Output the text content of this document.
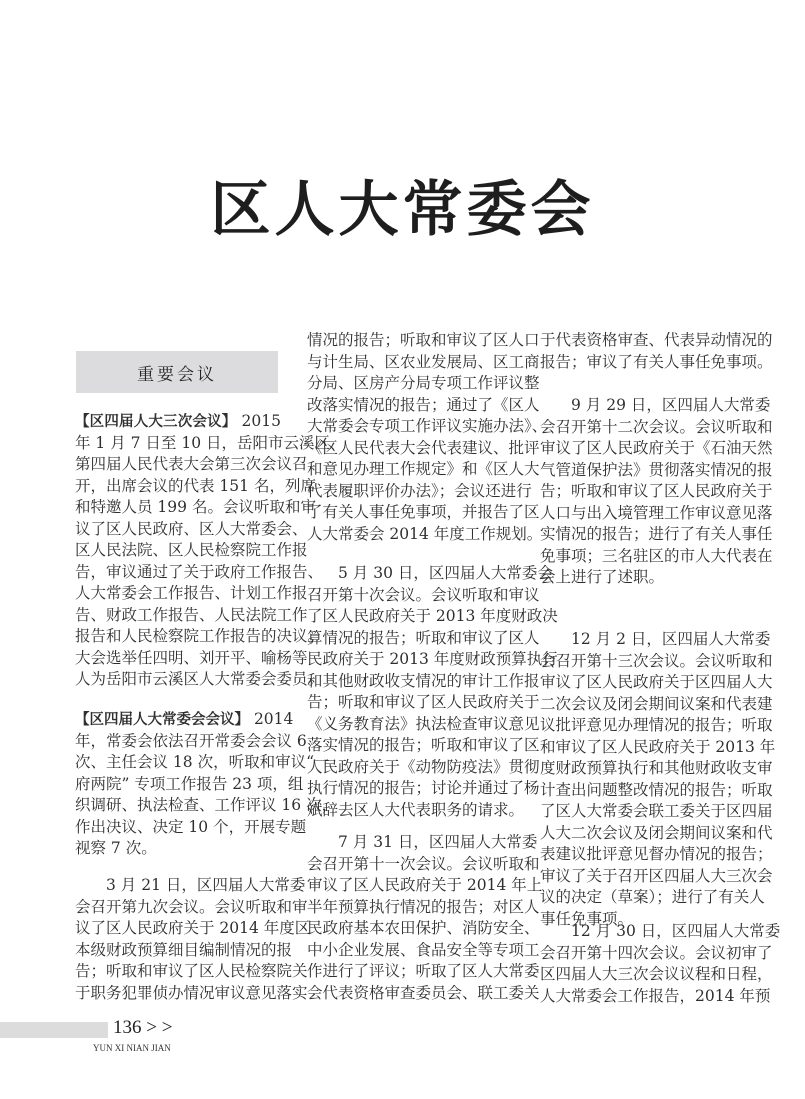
区人大常委会
重要会议
【区四届人大三次会议】 2015
年 1 月 7 日至 10 日，岳阳市云溪区
第四届人民代表大会第三次会议召
开，出席会议的代表 151 名，列席
和特邀人员 199 名。会议听取和审
议了区人民政府、区人大常委会、
区人民法院、区人民检察院工作报
告，审议通过了关于政府工作报告、
人大常委会工作报告、计划工作报
告、财政工作报告、人民法院工作
报告和人民检察院工作报告的决议。
大会选举任四明、刘开平、喻杨等
人为岳阳市云溪区人大常委会委员。
【区四届人大常委会会议】 2014
年，常委会依法召开常委会会议 6
次、主任会议 18 次，听取和审议“一
府两院” 专项工作报告 23 项，组
织调研、执法检查、工作评议 16 次，
作出决议、决定 10 个，开展专题
视察 7 次。
3 月 21 日，区四届人大常委
会召开第九次会议。会议听取和审
议了区人民政府关于 2014 年度区
本级财政预算细目编制情况的报
告；听取和审议了区人民检察院关
于职务犯罪侦办情况审议意见落实
情况的报告；听取和审议了区人口
与计生局、区农业发展局、区工商
分局、区房产分局专项工作评议整
改落实情况的报告；通过了《区人
大常委会专项工作评议实施办法》、
《区人民代表大会代表建议、批评
和意见办理工作规定》和《区人大
代表履职评价办法》；会议还进行
了有关人事任免事项，并报告了区
人大常委会 2014 年度工作规划。
5 月 30 日，区四届人大常委会
召开第十次会议。会议听取和审议
了区人民政府关于 2013 年度财政决
算情况的报告；听取和审议了区人
民政府关于 2013 年度财政预算执行
和其他财政收支情况的审计工作报
告；听取和审议了区人民政府关于
《义务教育法》执法检查审议意见
落实情况的报告；听取和审议了区
人民政府关于《动物防疫法》贯彻
执行情况的报告；讨论并通过了杨
斌辞去区人大代表职务的请求。
7 月 31 日，区四届人大常委
会召开第十一次会议。会议听取和
审议了区人民政府关于 2014 年上
半年预算执行情况的报告；对区人
民政府基本农田保护、消防安全、
中小企业发展、食品安全等专项工
作进行了评议；听取了区人大常委
会代表资格审查委员会、联工委关
于代表资格审查、代表异动情况的
报告；审议了有关人事任免事项。
9 月 29 日，区四届人大常委
会召开第十二次会议。会议听取和
审议了区人民政府关于《石油天然
气管道保护法》贯彻落实情况的报
告；听取和审议了区人民政府关于
人口与出入境管理工作审议意见落
实情况的报告；进行了有关人事任
免事项；三名驻区的市人大代表在
会上进行了述职。
12 月 2 日，区四届人大常委
会召开第十三次会议。会议听取和
审议了区人民政府关于区四届人大
二次会议及闭会期间议案和代表建
议批评意见办理情况的报告；听取
和审议了区人民政府关于 2013 年
度财政预算执行和其他财政收支审
计查出问题整改情况的报告；听取
了区人大常委会联工委关于区四届
人大二次会议及闭会期间议案和代
表建议批评意见督办情况的报告；
审议了关于召开区四届人大三次会
议的决定（草案）；进行了有关人
事任免事项。
12 月 30 日，区四届人大常委
会召开第十四次会议。会议初审了
区四届人大三次会议议程和日程，
人大常委会工作报告，2014 年预
136 > >
YUN XI NIAN JIAN
